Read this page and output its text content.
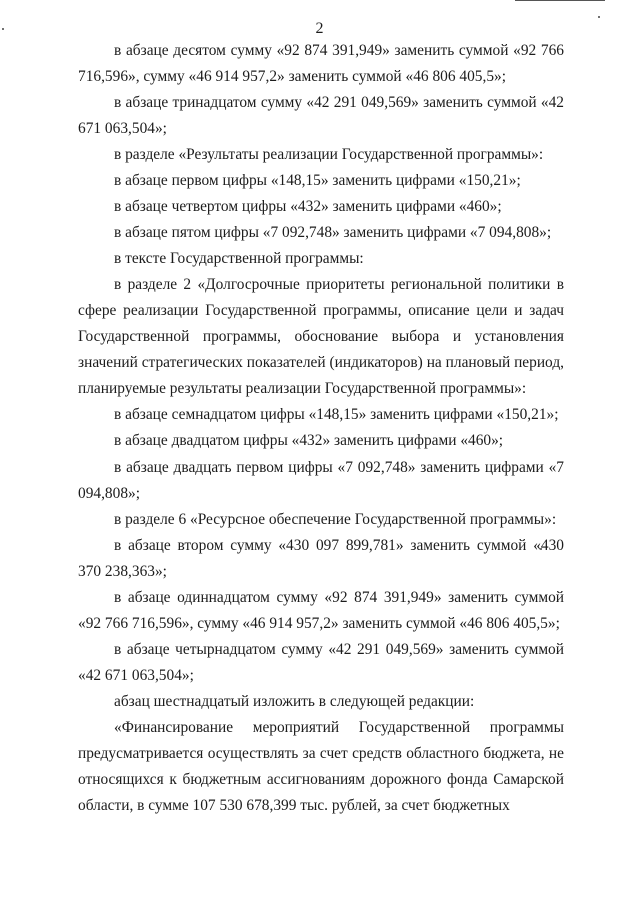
2

в абзаце десятом сумму «92 874 391,949» заменить суммой «92 766 716,596», сумму «46 914 957,2» заменить суммой «46 806 405,5»;

в абзаце тринадцатом сумму «42 291 049,569» заменить суммой «42 671 063,504»;

в разделе «Результаты реализации Государственной программы»:

в абзаце первом цифры «148,15» заменить цифрами «150,21»;

в абзаце четвертом цифры «432» заменить цифрами «460»;

в абзаце пятом цифры «7 092,748» заменить цифрами «7 094,808»;

в тексте Государственной программы:

в разделе 2 «Долгосрочные приоритеты региональной политики в сфере реализации Государственной программы, описание цели и задач Государственной программы, обоснование выбора и установления значений стратегических показателей (индикаторов) на плановый период, планируемые результаты реализации Государственной программы»:

в абзаце семнадцатом цифры «148,15» заменить цифрами «150,21»;

в абзаце двадцатом цифры «432» заменить цифрами «460»;

в абзаце двадцать первом цифры «7 092,748» заменить цифрами «7 094,808»;

в разделе 6 «Ресурсное обеспечение Государственной программы»:

в абзаце втором сумму «430 097 899,781» заменить суммой «430 370 238,363»;

в абзаце одиннадцатом сумму «92 874 391,949» заменить суммой «92 766 716,596», сумму «46 914 957,2» заменить суммой «46 806 405,5»;

в абзаце четырнадцатом сумму «42 291 049,569» заменить суммой «42 671 063,504»;

абзац шестнадцатый изложить в следующей редакции:

«Финансирование мероприятий Государственной программы предусматривается осуществлять за счет средств областного бюджета, не относящихся к бюджетным ассигнованиям дорожного фонда Самарской области, в сумме 107 530 678,399 тыс. рублей, за счет бюджетных
